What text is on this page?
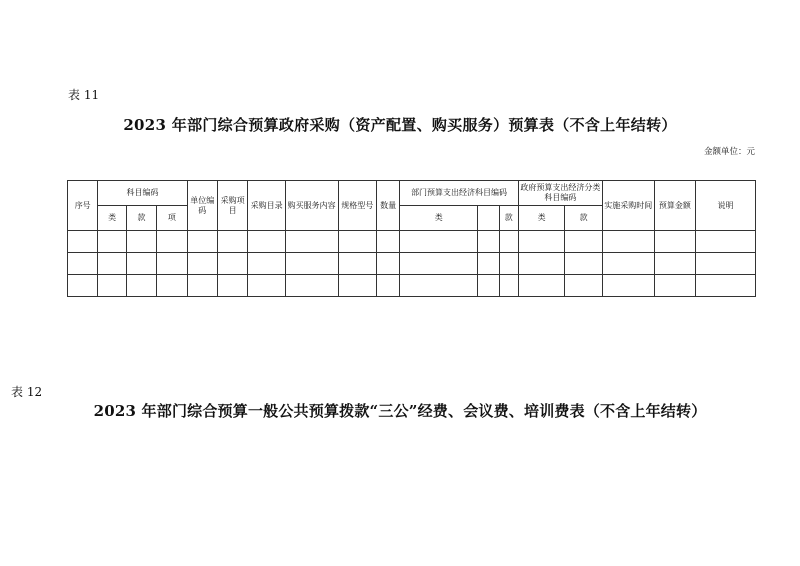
表 11
2023 年部门综合预算政府采购（资产配置、购买服务）预算表（不含上年结转）
金额单位：元
序号	科目编码			单位编码	采购项目	采购目录	购买服务内容	规格型号	数量	部门预算支出经济科目编码			政府预算支出经济分类科目编码		实施采购时间	预算金额	说明
	类	款	项							类		款	类	款			

表 12
2023 年部门综合预算一般公共预算拨款“三公”经费、会议费、培训费表（不含上年结转）
